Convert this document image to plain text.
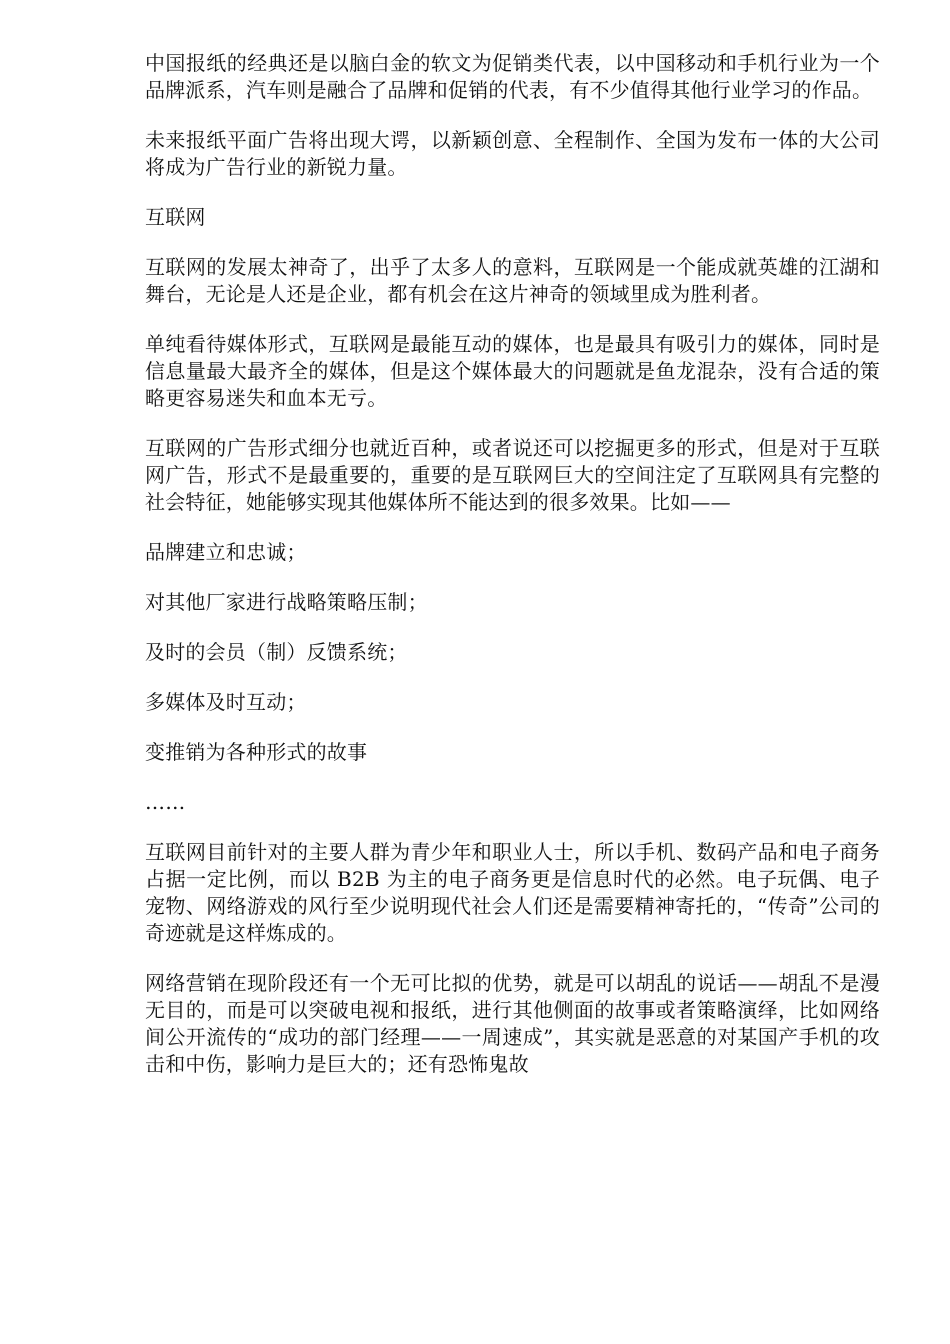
中国报纸的经典还是以脑白金的软文为促销类代表，以中国移动和手机行业为一个品牌派系，汽车则是融合了品牌和促销的代表，有不少值得其他行业学习的作品。

未来报纸平面广告将出现大谔，以新颖创意、全程制作、全国为发布一体的大公司将成为广告行业的新锐力量。

互联网

互联网的发展太神奇了，出乎了太多人的意料，互联网是一个能成就英雄的江湖和舞台，无论是人还是企业，都有机会在这片神奇的领域里成为胜利者。

单纯看待媒体形式，互联网是最能互动的媒体，也是最具有吸引力的媒体，同时是信息量最大最齐全的媒体，但是这个媒体最大的问题就是鱼龙混杂，没有合适的策略更容易迷失和血本无亏。

互联网的广告形式细分也就近百种，或者说还可以挖掘更多的形式，但是对于互联网广告，形式不是最重要的，重要的是互联网巨大的空间注定了互联网具有完整的社会特征，她能够实现其他媒体所不能达到的很多效果。比如——

品牌建立和忠诚；

对其他厂家进行战略策略压制；

及时的会员（制）反馈系统；

多媒体及时互动；

变推销为各种形式的故事

……

互联网目前针对的主要人群为青少年和职业人士，所以手机、数码产品和电子商务占据一定比例，而以 B2B 为主的电子商务更是信息时代的必然。电子玩偶、电子宠物、网络游戏的风行至少说明现代社会人们还是需要精神寄托的，“传奇”公司的奇迹就是这样炼成的。

网络营销在现阶段还有一个无可比拟的优势，就是可以胡乱的说话——胡乱不是漫无目的，而是可以突破电视和报纸，进行其他侧面的故事或者策略演绎，比如网络间公开流传的“成功的部门经理——一周速成”，其实就是恶意的对某国产手机的攻击和中伤，影响力是巨大的；还有恐怖鬼故
